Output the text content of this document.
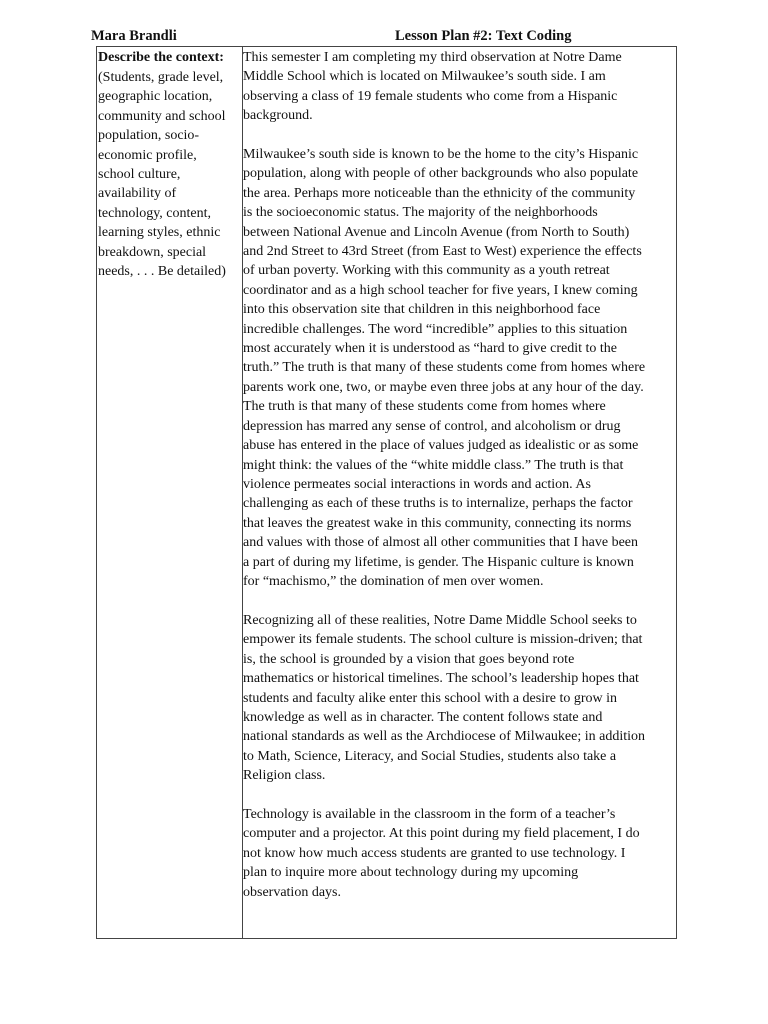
Mara Brandli	Lesson Plan #2: Text Coding
Describe the context:
(Students, grade level,
geographic location,
community and school
population, socio-
economic profile,
school culture,
availability of
technology, content,
learning styles, ethnic
breakdown, special
needs, . . . Be detailed)
This semester I am completing my third observation at Notre Dame
Middle School which is located on Milwaukee’s south side. I am
observing a class of 19 female students who come from a Hispanic
background.
Milwaukee’s south side is known to be the home to the city’s Hispanic
population, along with people of other backgrounds who also populate
the area. Perhaps more noticeable than the ethnicity of the community
is the socioeconomic status. The majority of the neighborhoods
between National Avenue and Lincoln Avenue (from North to South)
and 2nd Street to 43rd Street (from East to West) experience the effects
of urban poverty. Working with this community as a youth retreat
coordinator and as a high school teacher for five years, I knew coming
into this observation site that children in this neighborhood face
incredible challenges. The word “incredible” applies to this situation
most accurately when it is understood as “hard to give credit to the
truth.” The truth is that many of these students come from homes where
parents work one, two, or maybe even three jobs at any hour of the day.
The truth is that many of these students come from homes where
depression has marred any sense of control, and alcoholism or drug
abuse has entered in the place of values judged as idealistic or as some
might think: the values of the “white middle class.” The truth is that
violence permeates social interactions in words and action. As
challenging as each of these truths is to internalize, perhaps the factor
that leaves the greatest wake in this community, connecting its norms
and values with those of almost all other communities that I have been
a part of during my lifetime, is gender. The Hispanic culture is known
for “machismo,” the domination of men over women.
Recognizing all of these realities, Notre Dame Middle School seeks to
empower its female students. The school culture is mission-driven; that
is, the school is grounded by a vision that goes beyond rote
mathematics or historical timelines. The school’s leadership hopes that
students and faculty alike enter this school with a desire to grow in
knowledge as well as in character. The content follows state and
national standards as well as the Archdiocese of Milwaukee; in addition
to Math, Science, Literacy, and Social Studies, students also take a
Religion class.
Technology is available in the classroom in the form of a teacher’s
computer and a projector. At this point during my field placement, I do
not know how much access students are granted to use technology. I
plan to inquire more about technology during my upcoming
observation days.
